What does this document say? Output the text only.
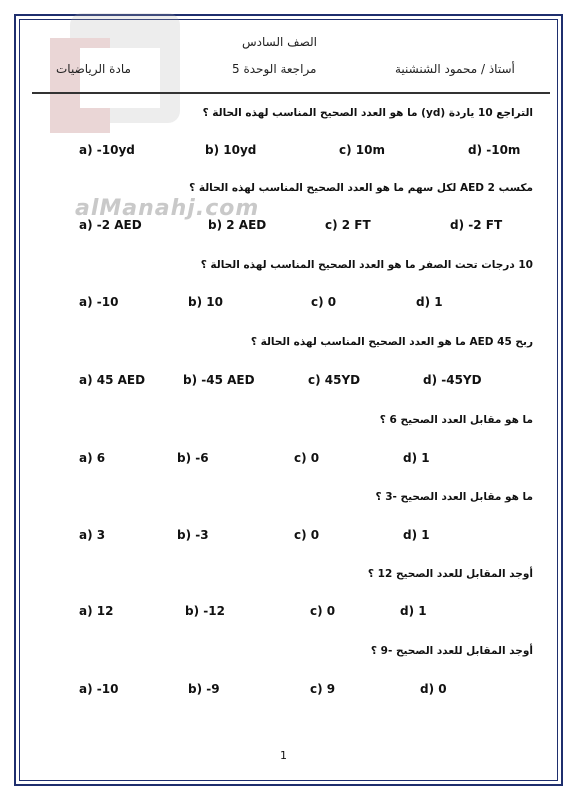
alManahj.com
الصف السادس
مادة الرياضيات	مراجعة الوحدة 5	أستاذ / محمود الشنشنية
التراجع 10 ياردة (yd) ما هو العدد الصحيح المناسب لهذه الحالة ؟
a) -10yd	b) 10yd	c) 10m	d) -10m
مكسب AED 2 لكل سهم ما هو العدد الصحيح المناسب لهذه الحالة ؟
a) -2 AED	b) 2 AED	c) 2 FT	d) -2 FT
10 درجات تحت الصفر ما هو العدد الصحيح المناسب لهذه الحالة ؟
a) -10	b) 10	c) 0	d) 1
ربح AED 45 ما هو العدد الصحيح المناسب لهذه الحالة ؟
a) 45 AED	b) -45 AED	c) 45YD	d) -45YD
ما هو مقابل العدد الصحيح 6 ؟
a) 6	b) -6	c) 0	d) 1
ما هو مقابل العدد الصحيح -3 ؟
a) 3	b) -3	c) 0	d) 1
أوجد المقابل للعدد الصحيح 12 ؟
a) 12	b) -12	c) 0	d) 1
أوجد المقابل للعدد الصحيح -9 ؟
a) -10	b) -9	c) 9	d) 0
1
